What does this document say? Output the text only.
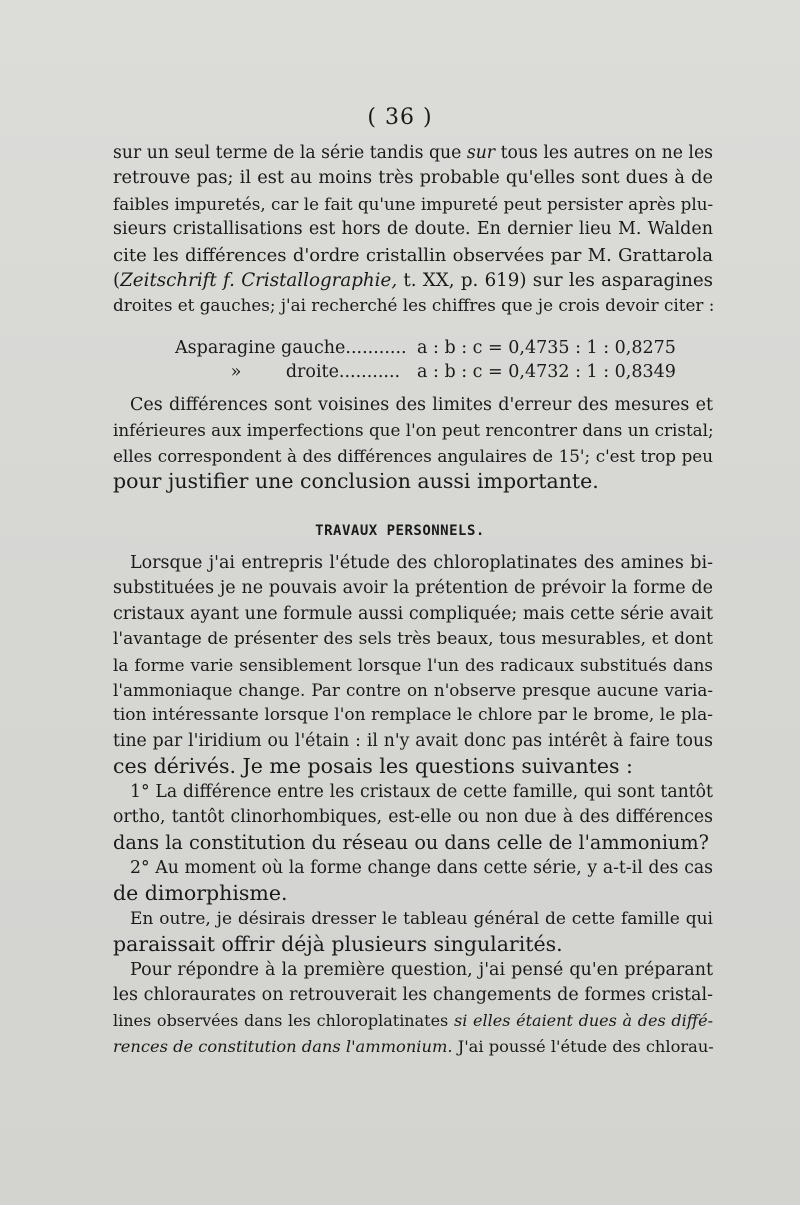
( 36 )
sur un seul terme de la série tandis que sur tous les autres on ne les
retrouve pas; il est au moins très probable qu'elles sont dues à de
faibles impuretés, car le fait qu'une impureté peut persister après plu-
sieurs cristallisations est hors de doute. En dernier lieu M. Walden
cite les différences d'ordre cristallin observées par M. Grattarola
(Zeitschrift f. Cristallographie, t. XX, p. 619) sur les asparagines
droites et gauches; j'ai recherché les chiffres que je crois devoir citer :
Asparagine gauche........... a : b : c = 0,4735 : 1 : 0,8275
»        droite........... a : b : c = 0,4732 : 1 : 0,8349
Ces différences sont voisines des limites d'erreur des mesures et
inférieures aux imperfections que l'on peut rencontrer dans un cristal;
elles correspondent à des différences angulaires de 15'; c'est trop peu
pour justifier une conclusion aussi importante.
TRAVAUX PERSONNELS.
Lorsque j'ai entrepris l'étude des chloroplatinates des amines bi-
substituées je ne pouvais avoir la prétention de prévoir la forme de
cristaux ayant une formule aussi compliquée; mais cette série avait
l'avantage de présenter des sels très beaux, tous mesurables, et dont
la forme varie sensiblement lorsque l'un des radicaux substitués dans
l'ammoniaque change. Par contre on n'observe presque aucune varia-
tion intéressante lorsque l'on remplace le chlore par le brome, le pla-
tine par l'iridium ou l'étain : il n'y avait donc pas intérêt à faire tous
ces dérivés. Je me posais les questions suivantes :
1° La différence entre les cristaux de cette famille, qui sont tantôt
ortho, tantôt clinorhombiques, est-elle ou non due à des différences
dans la constitution du réseau ou dans celle de l'ammonium?
2° Au moment où la forme change dans cette série, y a-t-il des cas
de dimorphisme.
En outre, je désirais dresser le tableau général de cette famille qui
paraissait offrir déjà plusieurs singularités.
Pour répondre à la première question, j'ai pensé qu'en préparant
les chloraurates on retrouverait les changements de formes cristal-
lines observées dans les chloroplatinates si elles étaient dues à des diffé-
rences de constitution dans l'ammonium. J'ai poussé l'étude des chlorau-
